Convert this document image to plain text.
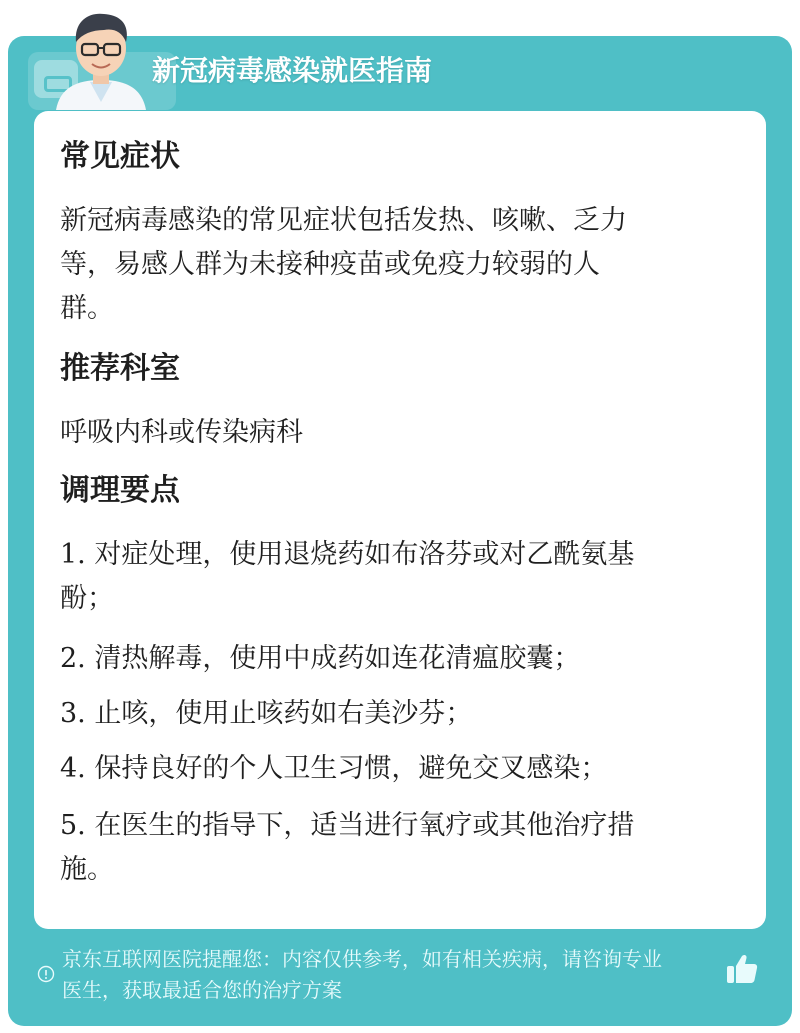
新冠病毒感染就医指南
常见症状
新冠病毒感染的常见症状包括发热、咳嗽、乏力
等，易感人群为未接种疫苗或免疫力较弱的人
群。
推荐科室
呼吸内科或传染病科
调理要点
1. 对症处理，使用退烧药如布洛芬或对乙酰氨基
酚；
2. 清热解毒，使用中成药如连花清瘟胶囊；
3. 止咳，使用止咳药如右美沙芬；
4. 保持良好的个人卫生习惯，避免交叉感染；
5. 在医生的指导下，适当进行氧疗或其他治疗措
施。
京东互联网医院提醒您：内容仅供参考，如有相关疾病，请咨询专业
医生，获取最适合您的治疗方案
